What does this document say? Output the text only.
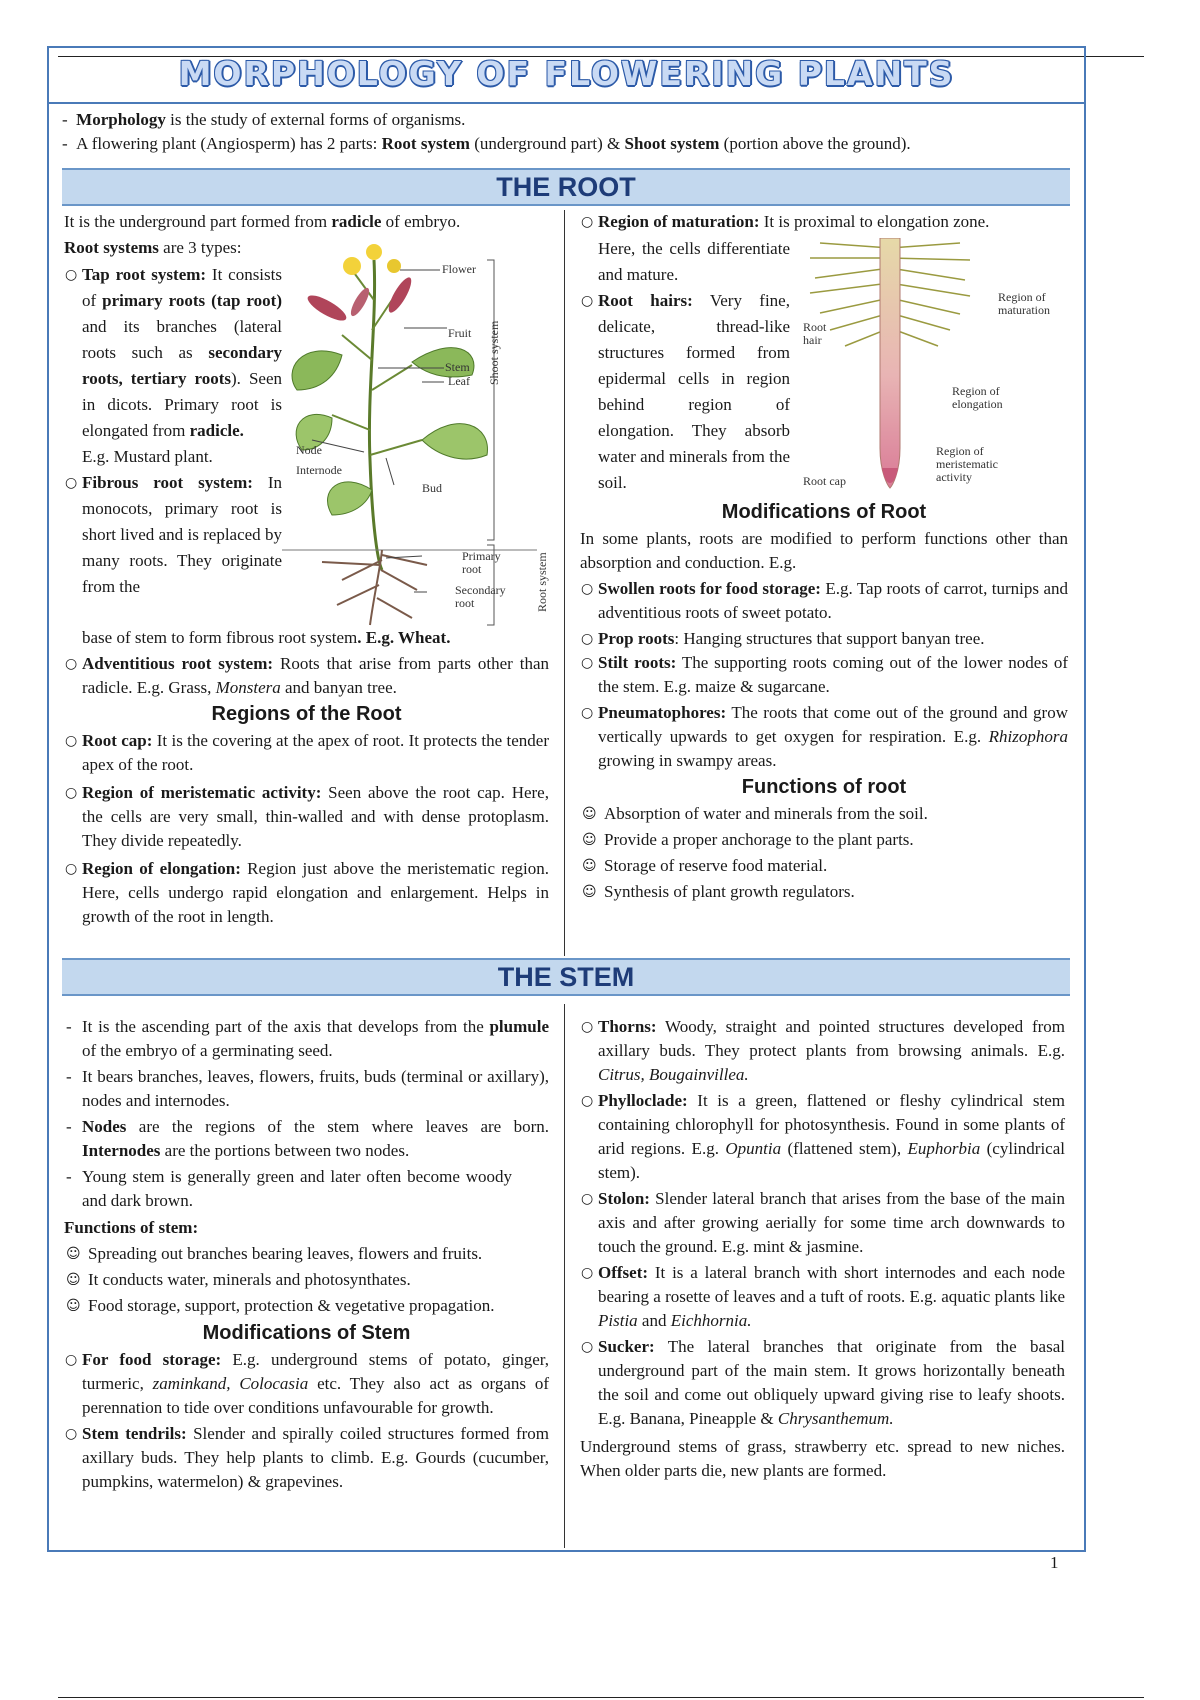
MORPHOLOGY OF FLOWERING PLANTS
- Morphology is the study of external forms of organisms.
- A flowering plant (Angiosperm) has 2 parts: Root system (underground part) & Shoot system (portion above the ground).
THE ROOT
It is the underground part formed from radicle of embryo.
Root systems are 3 types:
○ Tap root system: It consists of primary roots (tap root) and its branches (lateral roots such as secondary roots, tertiary roots). Seen in dicots. Primary root is elongated from radicle.
E.g. Mustard plant.
○ Fibrous root system: In monocots, primary root is short lived and is replaced by many roots. They originate from the
base of stem to form fibrous root system. E.g. Wheat.
○ Adventitious root system: Roots that arise from parts other than radicle. E.g. Grass, Monstera and banyan tree.
Regions of the Root
○ Root cap: It is the covering at the apex of root. It protects the tender apex of the root.
○ Region of meristematic activity: Seen above the root cap. Here, the cells are very small, thin-walled and with dense protoplasm. They divide repeatedly.
○ Region of elongation: Region just above the meristematic region. Here, cells undergo rapid elongation and enlargement. Helps in growth of the root in length.
Flower
Fruit
Stem
Leaf
Node
Internode
Bud
Primary root
Secondary root
Shoot system
Root system
○ Region of maturation: It is proximal to elongation zone.
Here, the cells differentiate and mature.
○ Root hairs: Very fine, delicate, thread-like structures formed from epidermal cells in region behind region of elongation. They absorb water and minerals from the soil.
Region of maturation
Root hair
Region of elongation
Region of meristematic activity
Root cap
Modifications of Root
In some plants, roots are modified to perform functions other than absorption and conduction. E.g.
○ Swollen roots for food storage: E.g. Tap roots of carrot, turnips and adventitious roots of sweet potato.
○ Prop roots: Hanging structures that support banyan tree.
○ Stilt roots: The supporting roots coming out of the lower nodes of the stem. E.g. maize & sugarcane.
○ Pneumatophores: The roots that come out of the ground and grow vertically upwards to get oxygen for respiration. E.g. Rhizophora growing in swampy areas.
Functions of root
☺ Absorption of water and minerals from the soil.
☺ Provide a proper anchorage to the plant parts.
☺ Storage of reserve food material.
☺ Synthesis of plant growth regulators.
THE STEM
- It is the ascending part of the axis that develops from the plumule of the embryo of a germinating seed.
- It bears branches, leaves, flowers, fruits, buds (terminal or axillary), nodes and internodes.
- Nodes are the regions of the stem where leaves are born. Internodes are the portions between two nodes.
- Young stem is generally green and later often become woody and dark brown.
Functions of stem:
☺ Spreading out branches bearing leaves, flowers and fruits.
☺ It conducts water, minerals and photosynthates.
☺ Food storage, support, protection & vegetative propagation.
Modifications of Stem
○ For food storage: E.g. underground stems of potato, ginger, turmeric, zaminkand, Colocasia etc. They also act as organs of perennation to tide over conditions unfavourable for growth.
○ Stem tendrils: Slender and spirally coiled structures formed from axillary buds. They help plants to climb. E.g. Gourds (cucumber, pumpkins, watermelon) & grapevines.
○ Thorns: Woody, straight and pointed structures developed from axillary buds. They protect plants from browsing animals. E.g. Citrus, Bougainvillea.
○ Phylloclade: It is a green, flattened or fleshy cylindrical stem containing chlorophyll for photosynthesis. Found in some plants of arid regions. E.g. Opuntia (flattened stem), Euphorbia (cylindrical stem).
○ Stolon: Slender lateral branch that arises from the base of the main axis and after growing aerially for some time arch downwards to touch the ground. E.g. mint & jasmine.
○ Offset: It is a lateral branch with short internodes and each node bearing a rosette of leaves and a tuft of roots. E.g. aquatic plants like Pistia and Eichhornia.
○ Sucker: The lateral branches that originate from the basal underground part of the main stem. It grows horizontally beneath the soil and come out obliquely upward giving rise to leafy shoots. E.g. Banana, Pineapple & Chrysanthemum.
Underground stems of grass, strawberry etc. spread to new niches. When older parts die, new plants are formed.
1
